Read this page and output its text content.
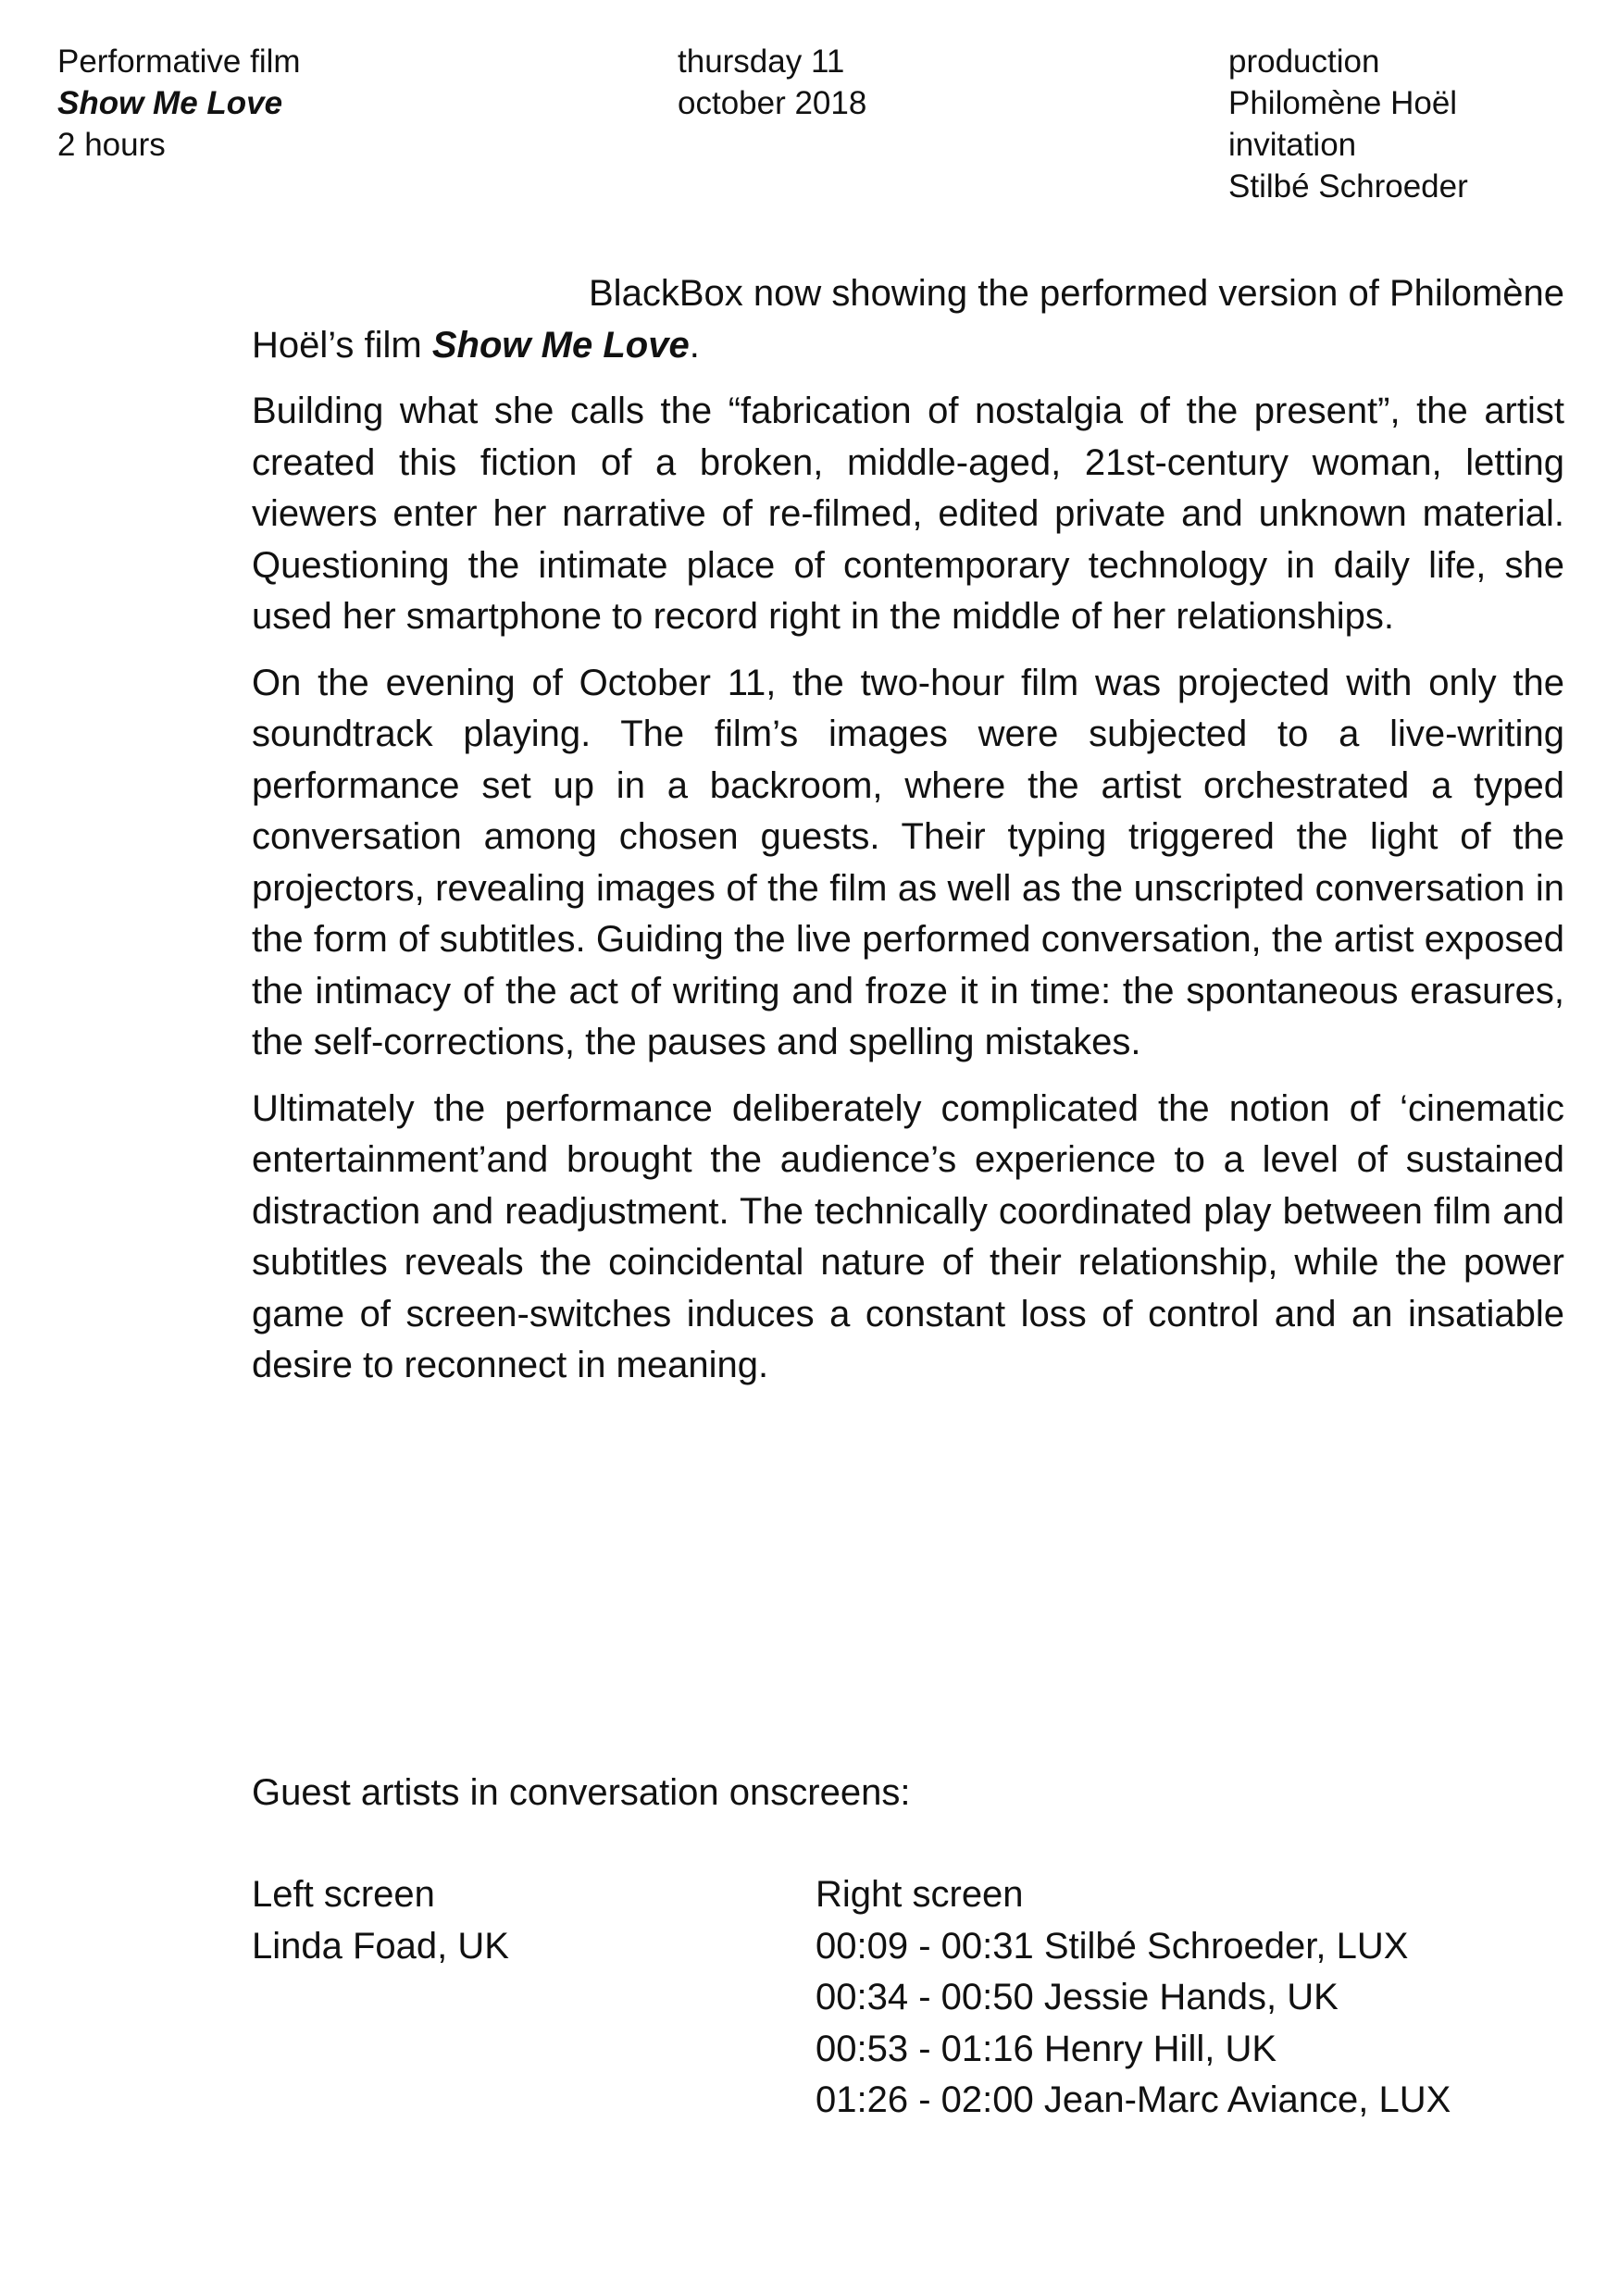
Performative film
Show Me Love
2 hours
thursday 11
october 2018
production
Philomène Hoël
invitation
Stilbé Schroeder

BlackBox now showing the performed version of Philomène Hoël’s film Show Me Love.

Building what she calls the “fabrication of nostalgia of the present”, the artist created this fiction of a broken, middle-aged, 21st-century woman, letting viewers enter her narrative of re-filmed, edited private and unknown material. Questioning the intimate place of contemporary technology in daily life, she used her smartphone to record right in the middle of her relationships.

On the evening of October 11, the two-hour film was projected with only the soundtrack playing. The film’s images were subjected to a live-writing performance set up in a backroom, where the artist orchestrated a typed conversation among chosen guests. Their typing triggered the light of the projectors, revealing images of the film as well as the unscripted conversation in the form of subtitles. Guiding the live performed conversation, the artist exposed the intimacy of the act of writing and froze it in time: the spontaneous erasures, the self-corrections, the pauses and spelling mistakes.

Ultimately the performance deliberately complicated the notion of ‘cinematic entertainment’and brought the audience’s experience to a level of sustained distraction and readjustment. The technically coordinated play between film and subtitles reveals the coincidental nature of their relationship, while the power game of screen-switches induces a constant loss of control and an insatiable desire to reconnect in meaning.

Guest artists in conversation onscreens:

Left screen
Linda Foad, UK
Right screen
00:09 - 00:31 Stilbé Schroeder, LUX
00:34 - 00:50 Jessie Hands, UK
00:53 - 01:16 Henry Hill, UK
01:26 - 02:00 Jean-Marc Aviance, LUX
